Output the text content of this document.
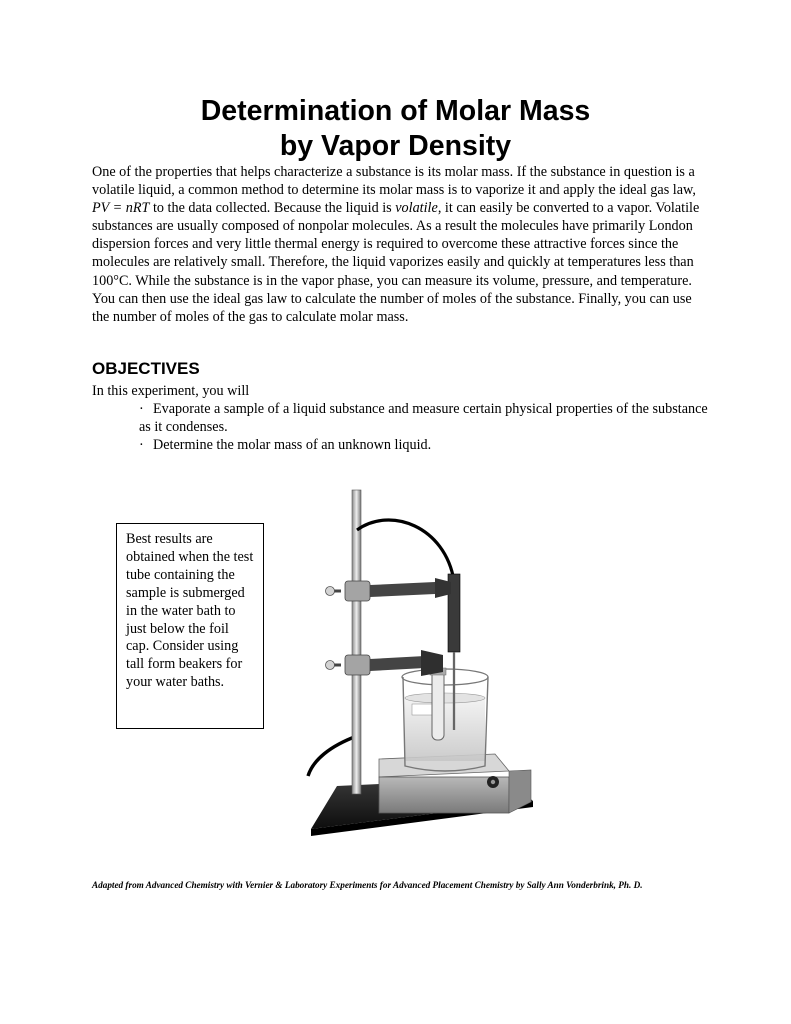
Determination of Molar Mass
by Vapor Density

One of the properties that helps characterize a substance is its molar mass. If the substance in question is a volatile liquid, a common method to determine its molar mass is to vaporize it and apply the ideal gas law, PV = nRT to the data collected. Because the liquid is volatile, it can easily be converted to a vapor. Volatile substances are usually composed of nonpolar molecules. As a result the molecules have primarily London dispersion forces and very little thermal energy is required to overcome these attractive forces since the molecules are relatively small. Therefore, the liquid vaporizes easily and quickly at temperatures less than 100°C. While the substance is in the vapor phase, you can measure its volume, pressure, and temperature.

You can then use the ideal gas law to calculate the number of moles of the substance. Finally, you can use the number of moles of the gas to calculate molar mass.

OBJECTIVES
In this experiment, you will
· Evaporate a sample of a liquid substance and measure certain physical properties of the substance as it condenses.
· Determine the molar mass of an unknown liquid.
Best results are obtained when the test tube containing the sample is submerged in the water bath to just below the foil cap. Consider using tall form beakers for your water baths.
Adapted from Advanced Chemistry with Vernier & Laboratory Experiments for Advanced Placement Chemistry by Sally Ann Vonderbrink, Ph. D.
